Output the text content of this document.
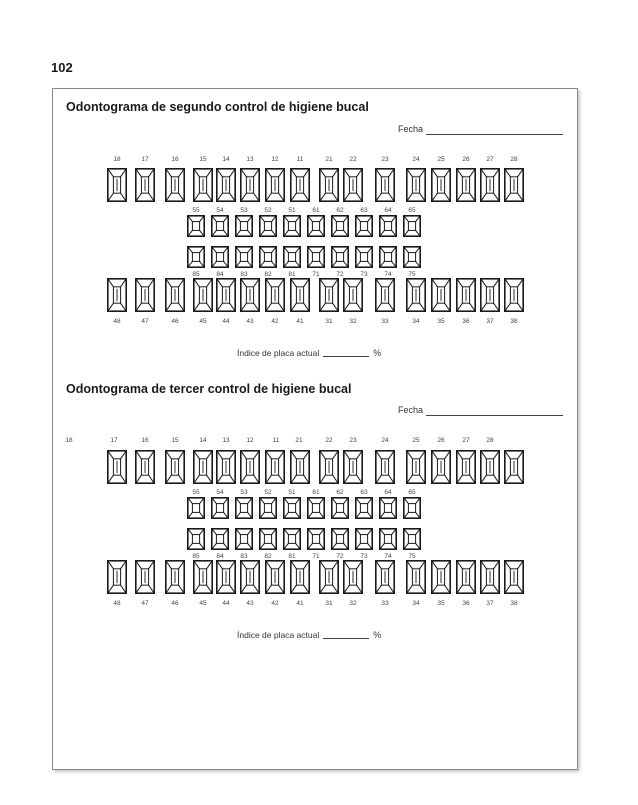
102
Odontograma de segundo control de higiene bucal
Fecha
18	17	16	15 14	13	12	11	21	22	23	24	25	26	27	28
55	54	53	52	51	61	62	63	64	65
85	84	83	82	81	71	72	73	74	75
48	47	46	45 44	43	42	41	31	32	33	34	35	36	37	38
Índice de placa actual	%
Odontograma de tercer control de higiene bucal
Fecha
18	17	16	15	14 13	12	11 21	22	23	24	25	26	27	28
55	54	53	52	51	61	62	63	64	65
85	84	83	82	81	71	72	73	74	75
48	47	46	45 44	43	42	41	31	32	33	34	35	36	37	38
Índice de placa actual	%
